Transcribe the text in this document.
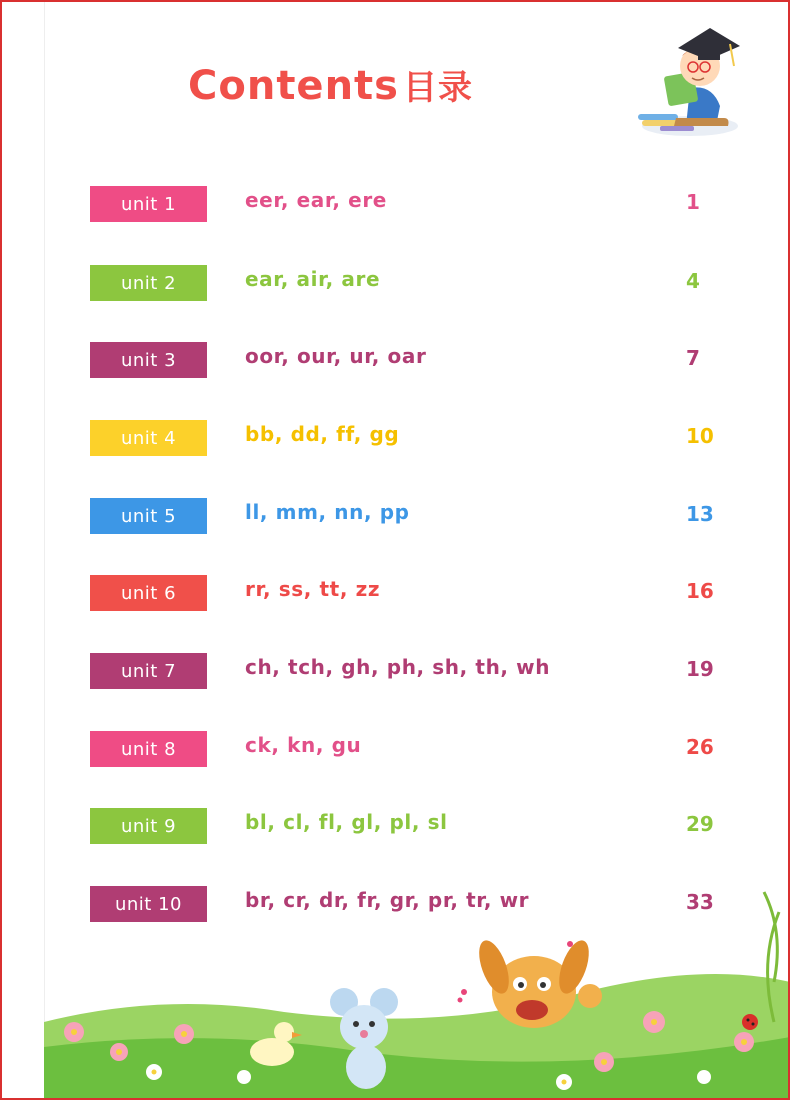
Contents 目录
unit 1	eer, ear, ere	1
unit 2	ear, air, are	4
unit 3	oor, our, ur, oar	7
unit 4	bb, dd, ff, gg	10
unit 5	ll, mm, nn, pp	13
unit 6	rr, ss, tt, zz	16
unit 7	ch, tch, gh, ph, sh, th, wh	19
unit 8	ck, kn, gu	26
unit 9	bl, cl, fl, gl, pl, sl	29
unit 10	br, cr, dr, fr, gr, pr, tr, wr	33
